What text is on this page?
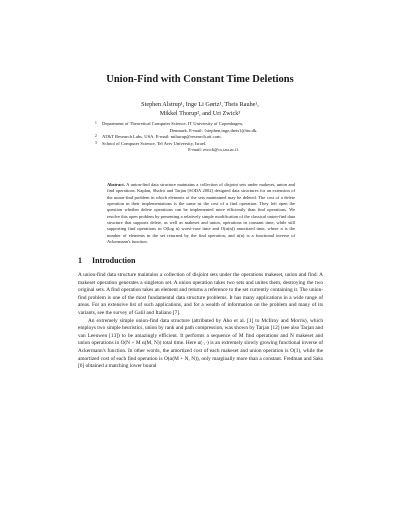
Union-Find with Constant Time Deletions
Stephen Alstrup¹, Inge Li Gørtz¹, Theis Rauhe¹,
Mikkel Thorup², and Uri Zwick³
1 Department of Theoretical Computer Science, IT University of Copenhagen,
Denmark. E-mail: {stephen,inge,theis}@itu.dk.
2 AT&T Research Labs, USA. E-mail: mthorup@research.att.com.
3 School of Computer Science, Tel Aviv University, Israel.
E-mail: zwick@cs.tau.ac.il.
Abstract. A union-find data structure maintains a collection of disjoint sets under makeset, union and find operations. Kaplan, Shafrir and Tarjan [SODA 2002] designed data structures for an extension of the union-find problem in which elements of the sets maintained may be deleted. The cost of a delete operation in their implementations is the same as the cost of a find operation. They left open the question whether delete operations can be implemented more efficiently than find operations. We resolve this open problem by presenting a relatively simple modification of the classical union-find data structure that supports delete, as well as makeset and union, operations in constant time, while still supporting find operations in O(log n) worst-case time and O(α(n)) amortized time, where n is the number of elements in the set returned by the find operation, and α(n) is a functional inverse of Ackermann's function.
1 Introduction

A union-find data structure maintains a collection of disjoint sets under the operations makeset, union and find. A makeset operation generates a singleton set. A union operation takes two sets and unites them, destroying the two original sets. A find operation takes an element and returns a reference to the set currently containing it. The union-find problem is one of the most fundamental data structure problems. It has many applications in a wide range of areas. For an extensive list of such applications, and for a wealth of information on the problem and many of its variants, see the survey of Galil and Italiano [7].

An extremely simple union-find data structure (attributed by Aho et al. [1] to McIlroy and Morris), which employs two simple heuristics, union by rank and path compression, was shown by Tarjan [12] (see also Tarjan and van Leeuwen [13]) to be amazingly efficient. It performs a sequence of M find operations and N makeset and union operations in O(N + M α(M, N)) total time. Here α(·,·) is an extremely slowly growing functional inverse of Ackermann's function. In other words, the amortized cost of each makeset and union operation is O(1), while the amortized cost of each find operation is O(α(M + N, N)), only marginally more than a constant. Fredman and Saks [6] obtained a matching lower bound
